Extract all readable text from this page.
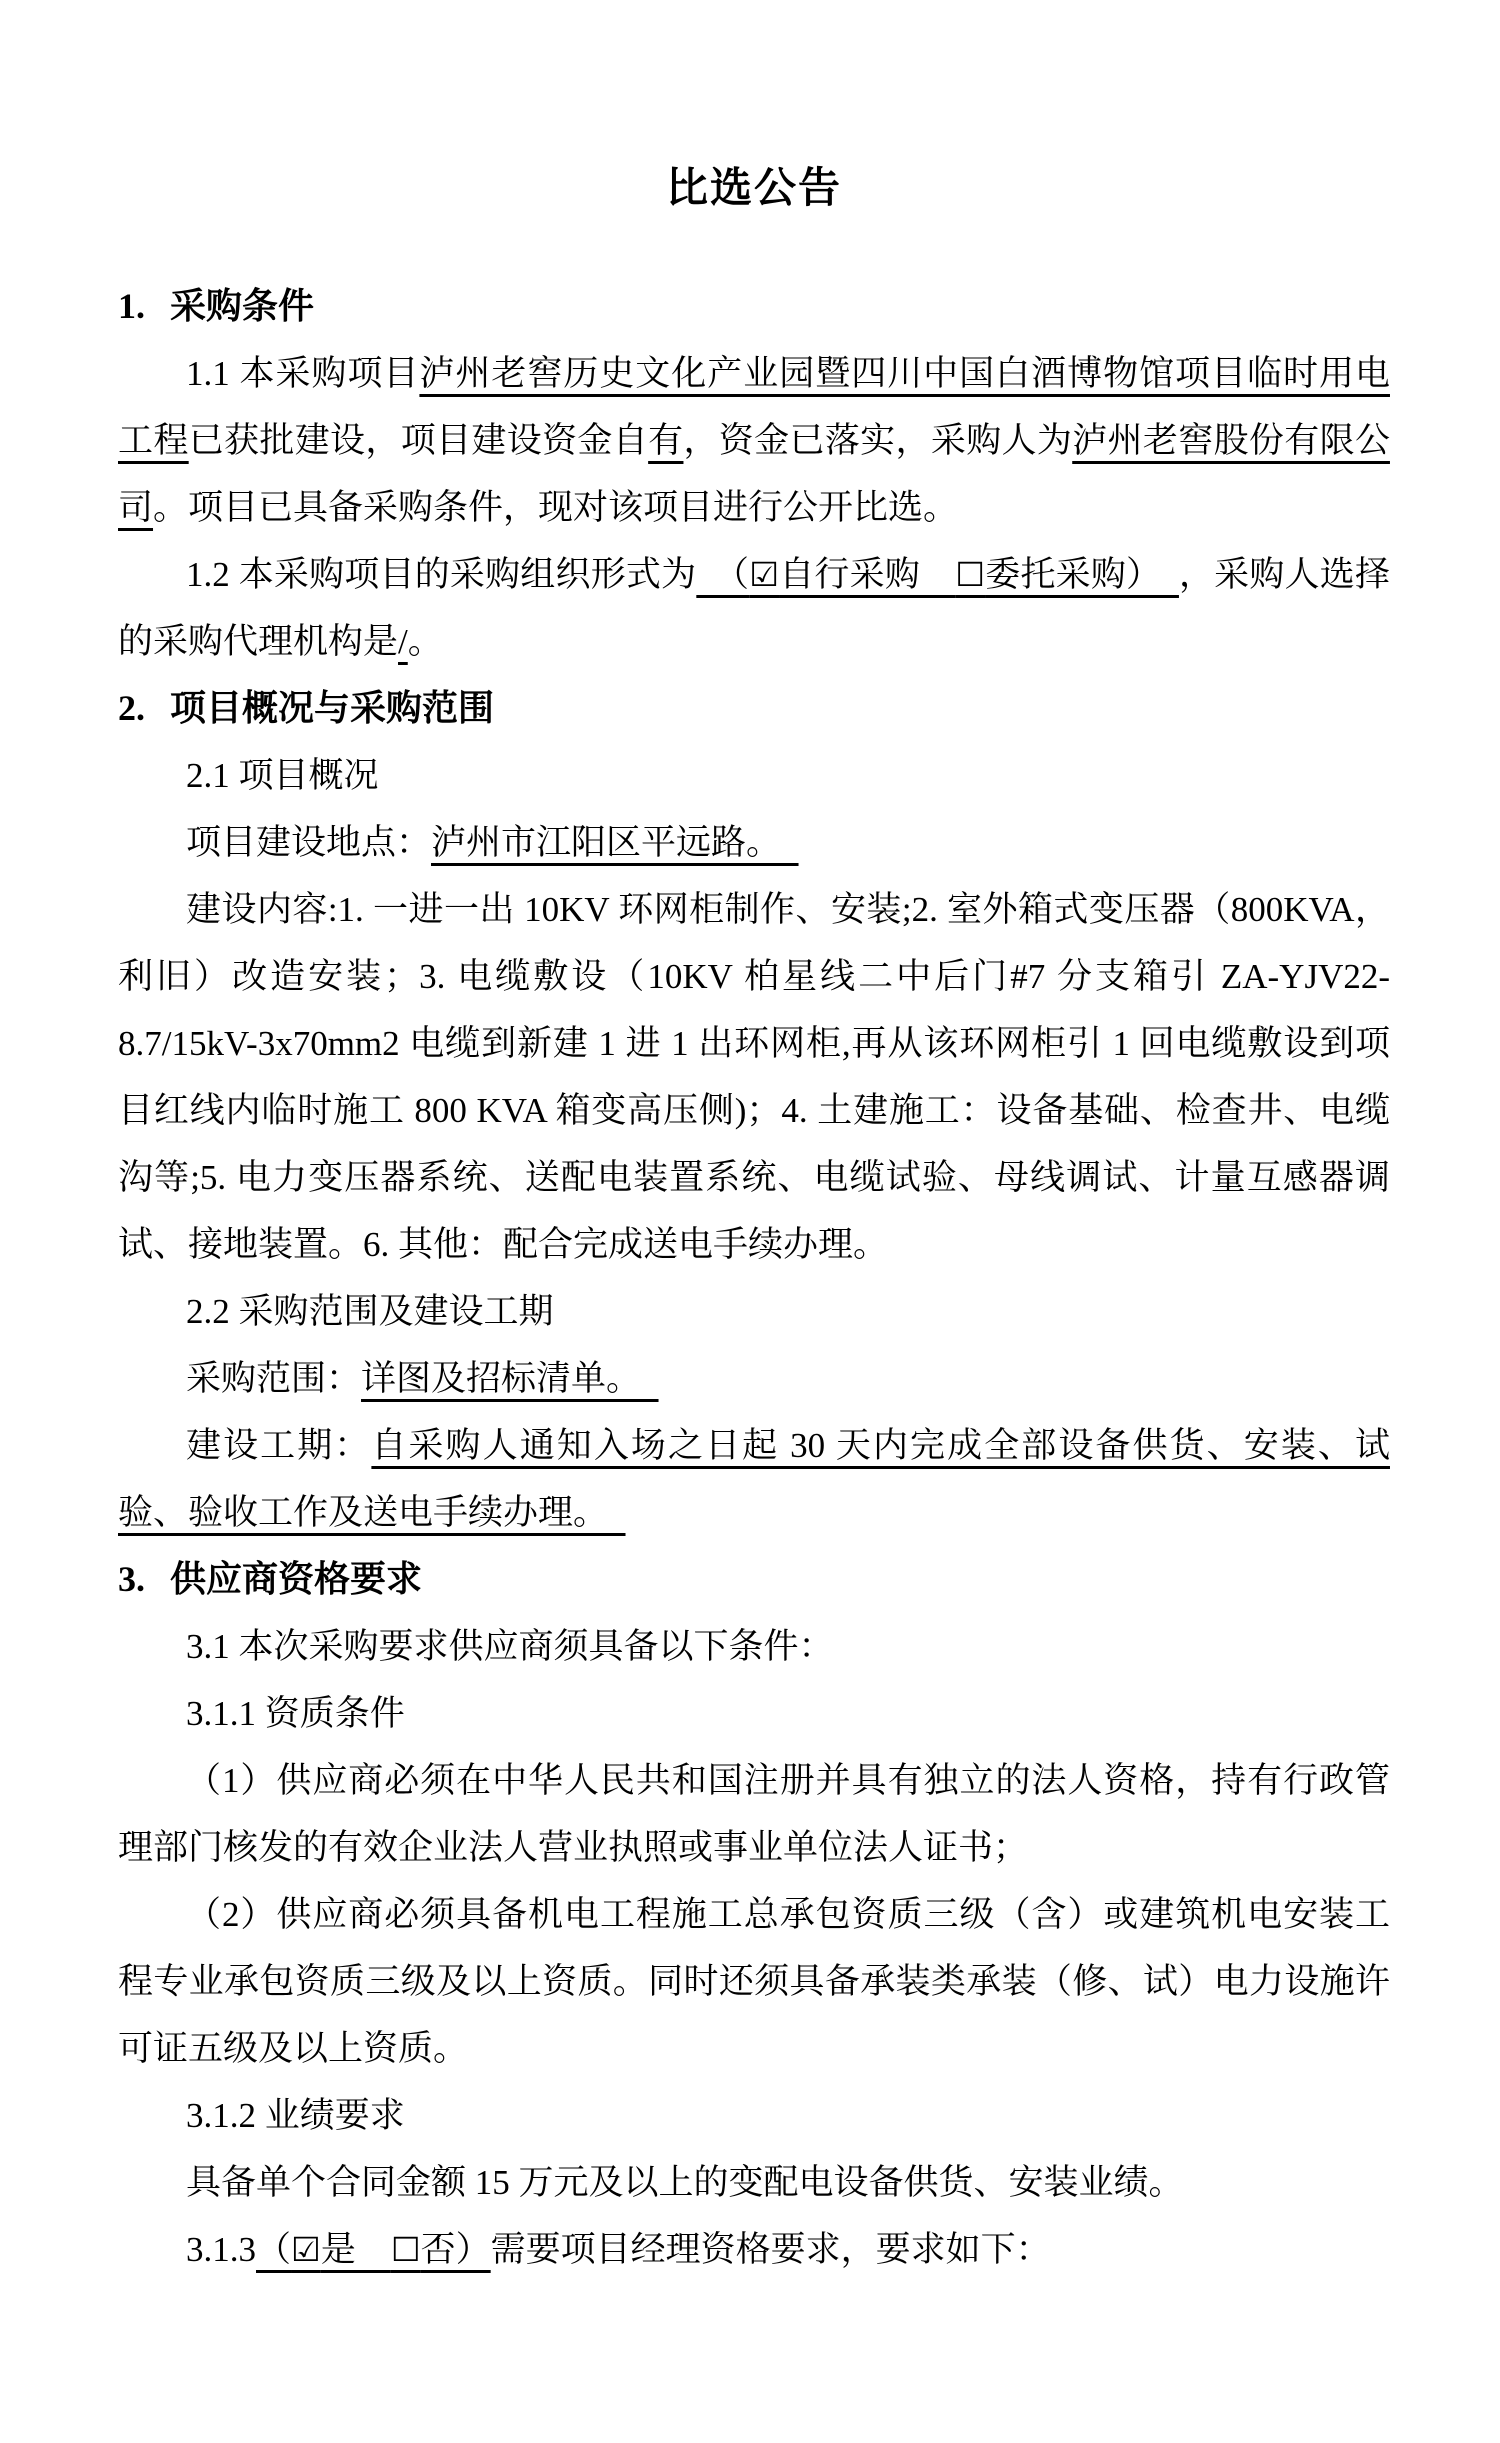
比选公告
1. 采购条件

1.1 本采购项目泸州老窖历史文化产业园暨四川中国白酒博物馆项目临时用电工程已获批建设，项目建设资金自有，资金已落实，采购人为泸州老窖股份有限公司。项目已具备采购条件，现对该项目进行公开比选。

1.2 本采购项目的采购组织形式为　（☑自行采购　☐委托采购）　，采购人选择的采购代理机构是/。

2. 项目概况与采购范围

2.1 项目概况

项目建设地点：泸州市江阳区平远路。　

建设内容:1. 一进一出 10KV 环网柜制作、安装;2. 室外箱式变压器（800KVA，利旧）改造安装；3. 电缆敷设（10KV 柏星线二中后门#7 分支箱引 ZA-YJV22-8.7/15kV-3x70mm2 电缆到新建 1 进 1 出环网柜,再从该环网柜引 1 回电缆敷设到项目红线内临时施工 800 KVA 箱变高压侧)；4. 土建施工：设备基础、检查井、电缆沟等;5. 电力变压器系统、送配电装置系统、电缆试验、母线调试、计量互感器调试、接地装置。6. 其他：配合完成送电手续办理。

2.2 采购范围及建设工期

采购范围：详图及招标清单。　

建设工期：自采购人通知入场之日起 30 天内完成全部设备供货、安装、试验、验收工作及送电手续办理。　

3. 供应商资格要求

3.1 本次采购要求供应商须具备以下条件：

3.1.1 资质条件

（1）供应商必须在中华人民共和国注册并具有独立的法人资格，持有行政管理部门核发的有效企业法人营业执照或事业单位法人证书；

（2）供应商必须具备机电工程施工总承包资质三级（含）或建筑机电安装工程专业承包资质三级及以上资质。同时还须具备承装类承装（修、试）电力设施许可证五级及以上资质。

3.1.2 业绩要求

具备单个合同金额 15 万元及以上的变配电设备供货、安装业绩。

3.1.3（☑是　☐否）需要项目经理资格要求，要求如下：
